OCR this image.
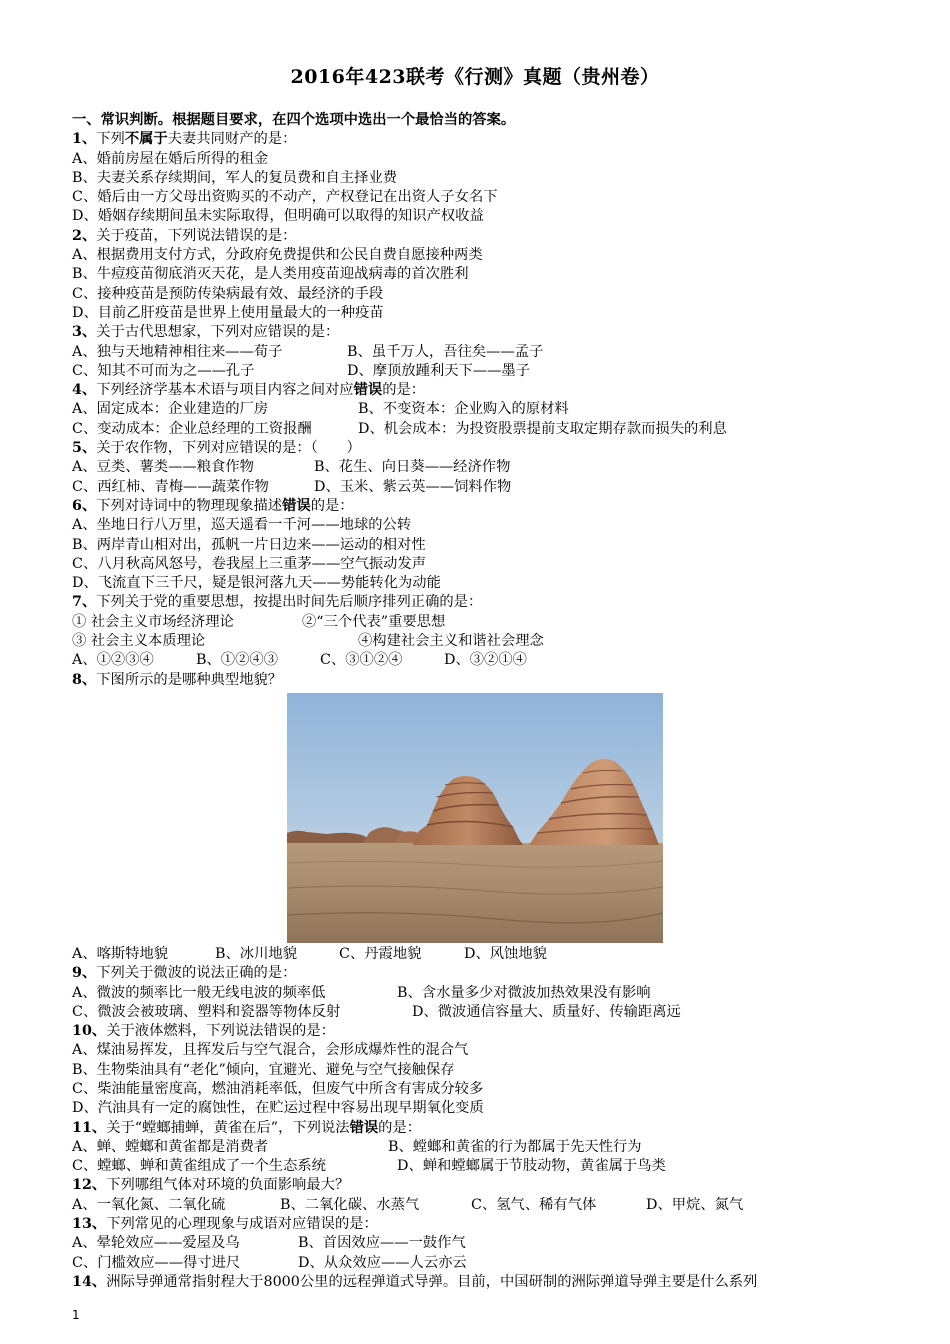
2016年423联考《行测》真题（贵州卷）
一、常识判断。根据题目要求，在四个选项中选出一个最恰当的答案。
1、下列不属于夫妻共同财产的是：
A、婚前房屋在婚后所得的租金
B、夫妻关系存续期间，军人的复员费和自主择业费
C、婚后由一方父母出资购买的不动产，产权登记在出资人子女名下
D、婚姻存续期间虽未实际取得，但明确可以取得的知识产权收益
2、关于疫苗，下列说法错误的是：
A、根据费用支付方式，分政府免费提供和公民自费自愿接种两类
B、牛痘疫苗彻底消灭天花，是人类用疫苗迎战病毒的首次胜利
C、接种疫苗是预防传染病最有效、最经济的手段
D、目前乙肝疫苗是世界上使用量最大的一种疫苗
3、关于古代思想家，下列对应错误的是：
A、独与天地精神相往来——荀子	B、虽千万人，吾往矣——孟子
C、知其不可而为之——孔子	D、摩顶放踵利天下——墨子
4、下列经济学基本术语与项目内容之间对应错误的是：
A、固定成本：企业建造的厂房	B、不变资本：企业购入的原材料
C、变动成本：企业总经理的工资报酬	D、机会成本：为投资股票提前支取定期存款而损失的利息
5、关于农作物，下列对应错误的是：（　　）
A、豆类、薯类——粮食作物	B、花生、向日葵——经济作物
C、西红柿、青梅——蔬菜作物	D、玉米、紫云英——饲料作物
6、下列对诗词中的物理现象描述错误的是：
A、坐地日行八万里，巡天遥看一千河——地球的公转
B、两岸青山相对出，孤帆一片日边来——运动的相对性
C、八月秋高风怒号，卷我屋上三重茅——空气振动发声
D、飞流直下三千尺，疑是银河落九天——势能转化为动能
7、下列关于党的重要思想，按提出时间先后顺序排列正确的是：
① 社会主义市场经济理论	②“三个代表”重要思想
③ 社会主义本质理论	④构建社会主义和谐社会理念
A、①②③④	B、①②④③	C、③①②④	D、③②①④
8、下图所示的是哪种典型地貌？
A、喀斯特地貌	B、冰川地貌	C、丹霞地貌	D、风蚀地貌
9、下列关于微波的说法正确的是：
A、微波的频率比一般无线电波的频率低	B、含水量多少对微波加热效果没有影响
C、微波会被玻璃、塑料和瓷器等物体反射	D、微波通信容量大、质量好、传输距离远
10、关于液体燃料，下列说法错误的是：
A、煤油易挥发，且挥发后与空气混合，会形成爆炸性的混合气
B、生物柴油具有“老化”倾向，宜避光、避免与空气接触保存
C、柴油能量密度高，燃油消耗率低，但废气中所含有害成分较多
D、汽油具有一定的腐蚀性，在贮运过程中容易出现早期氧化变质
11、关于“螳螂捕蝉，黄雀在后”，下列说法错误的是：
A、蝉、螳螂和黄雀都是消费者	B、螳螂和黄雀的行为都属于先天性行为
C、螳螂、蝉和黄雀组成了一个生态系统	D、蝉和螳螂属于节肢动物，黄雀属于鸟类
12、下列哪组气体对环境的负面影响最大？
A、一氧化氮、二氧化硫	B、二氧化碳、水蒸气	C、氢气、稀有气体	D、甲烷、氮气
13、下列常见的心理现象与成语对应错误的是：
A、晕轮效应——爱屋及乌	B、首因效应——一鼓作气
C、门槛效应——得寸进尺	D、从众效应——人云亦云
14、洲际导弹通常指射程大于8000公里的远程弹道式导弹。目前，中国研制的洲际弹道导弹主要是什么系列
1
